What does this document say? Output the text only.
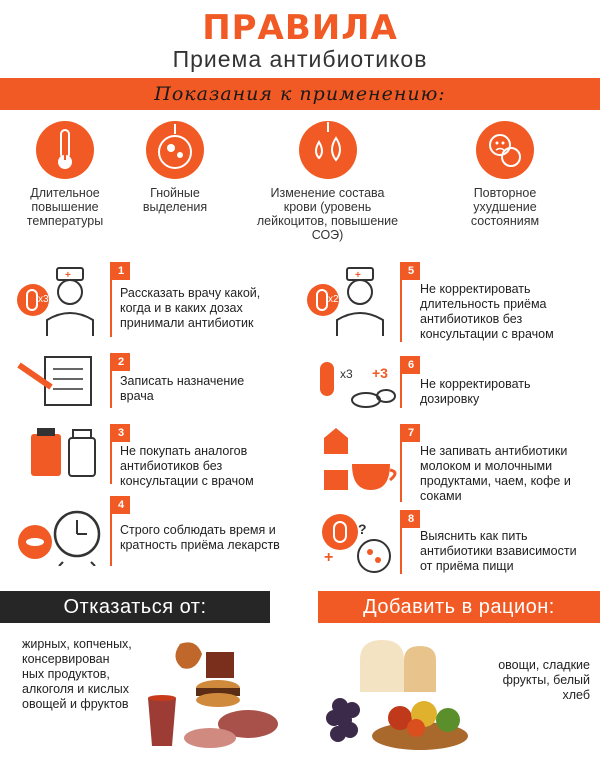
ПРАВИЛА
Приема антибиотиков
Показания к применению:
Длительное повышение температуры
Гнойные выделения
Изменение состава крови (уровень лейкоцитов, повышение СОЭ)
Повторное ухудшение состояниям
x3
+	1
Рассказать врачу какой, когда и в каких дозах принимали антибиотик
2
Записать назначение врача
3
Не покупать аналогов антибиотиков без консультации с врачом
4
Строго соблюдать время и кратность приёма лекарств
x2
+	5
Не корректировать длительность приёма антибиотиков без консультации с врачом
x3 +3	6
Не корректировать дозировку
7
Не запивать антибиотики молоком и молочными продуктами, чаем, кофе и соками
?
+
8
Выяснить как пить антибиотики взависимости от приёма пищи
Отказаться от:	Добавить в рацион:
жирных, копченых, консервирован ных продуктов, алкоголя и кислых овощей и фруктов
овощи, сладкие фрукты, белый хлеб
